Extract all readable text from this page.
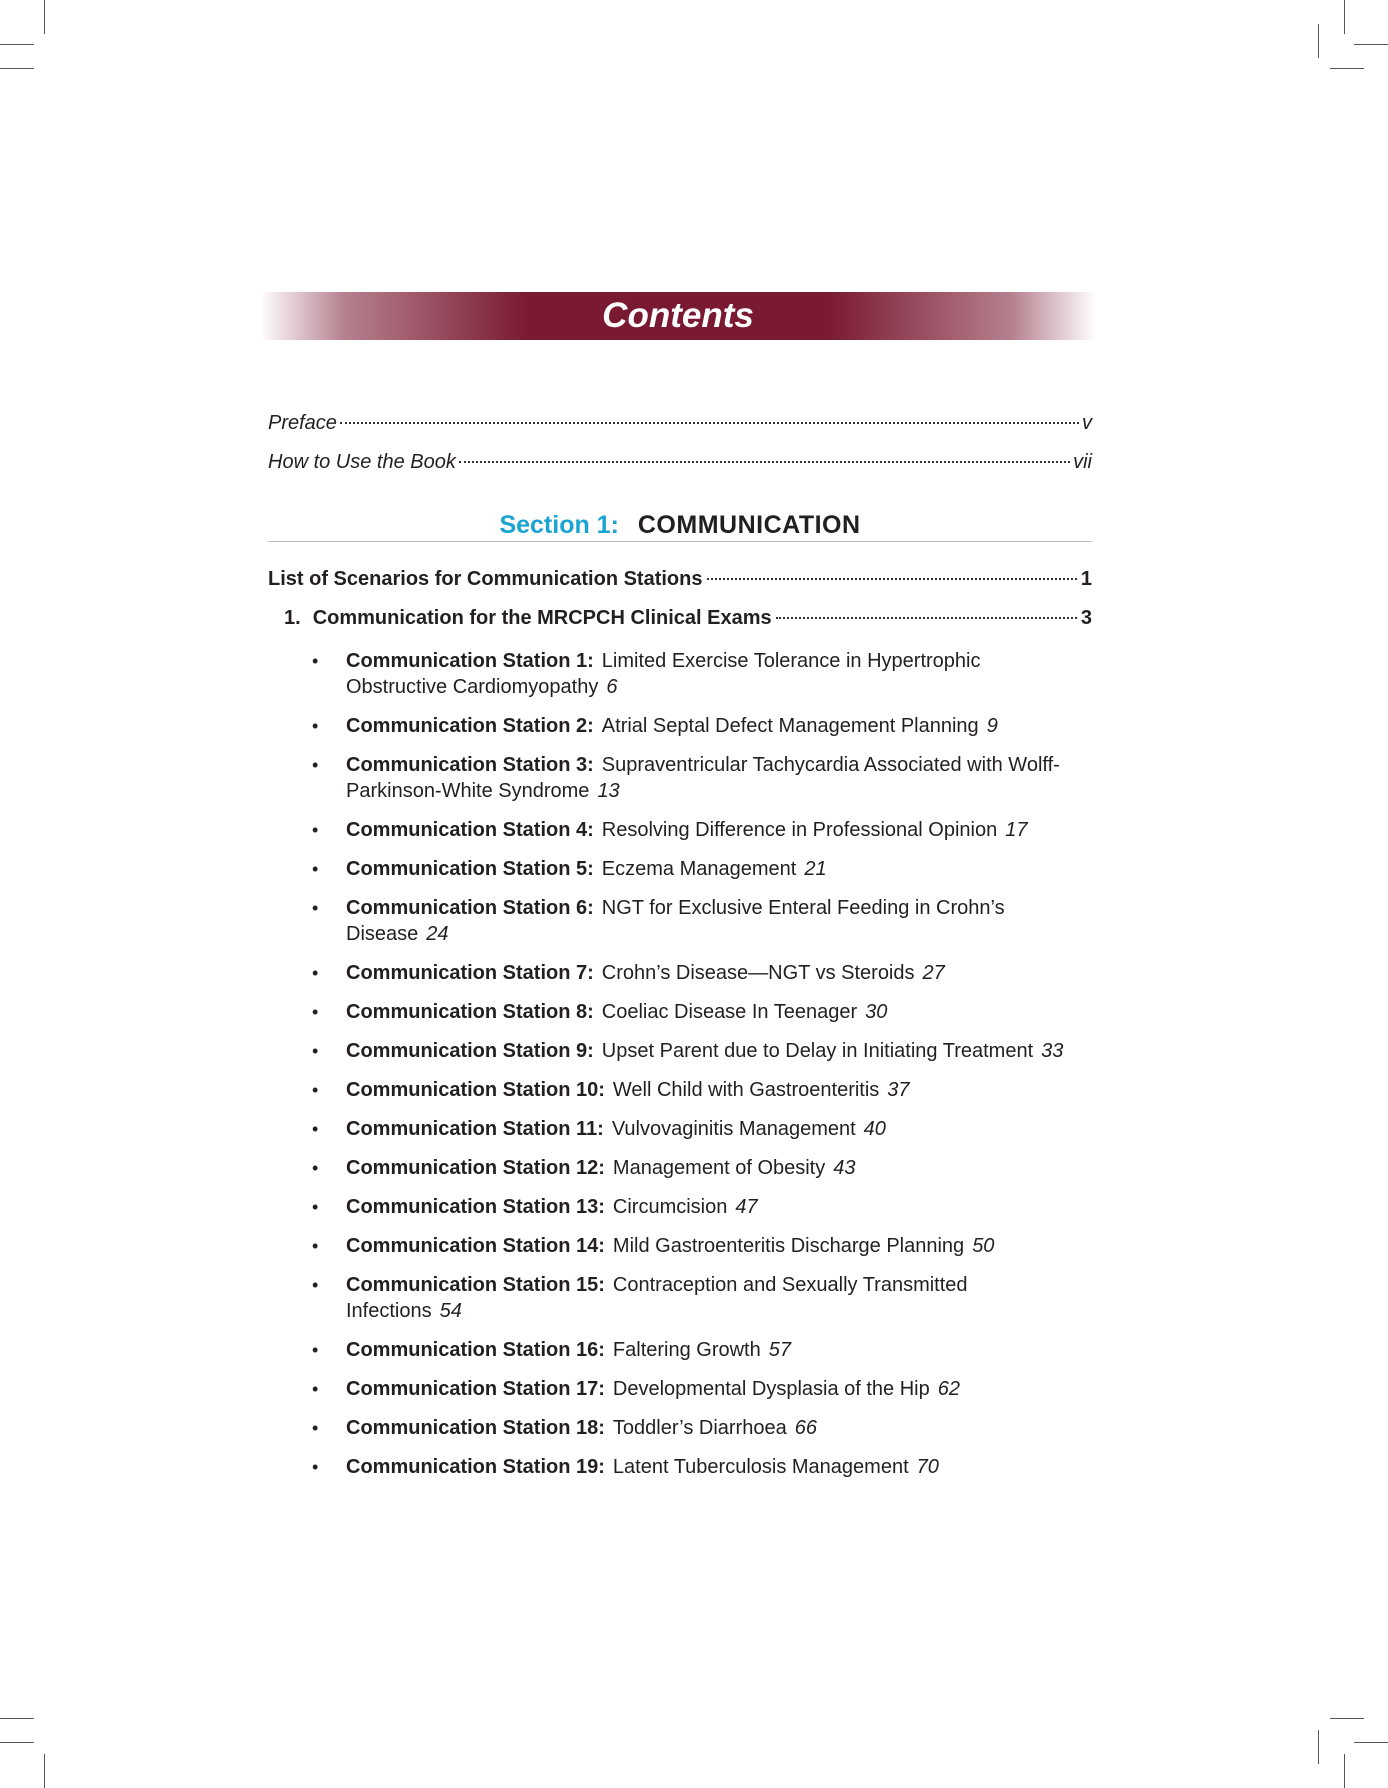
Contents
Preface	v
How to Use the Book	vii
Section 1: COMMUNICATION
List of Scenarios for Communication Stations	1
1. Communication for the MRCPCH Clinical Exams	3
• Communication Station 1: Limited Exercise Tolerance in Hypertrophic Obstructive Cardiomyopathy 6
• Communication Station 2: Atrial Septal Defect Management Planning 9
• Communication Station 3: Supraventricular Tachycardia Associated with Wolff-Parkinson-White Syndrome 13
• Communication Station 4: Resolving Difference in Professional Opinion 17
• Communication Station 5: Eczema Management 21
• Communication Station 6: NGT for Exclusive Enteral Feeding in Crohn’s Disease 24
• Communication Station 7: Crohn’s Disease—NGT vs Steroids 27
• Communication Station 8: Coeliac Disease In Teenager 30
• Communication Station 9: Upset Parent due to Delay in Initiating Treatment 33
• Communication Station 10: Well Child with Gastroenteritis 37
• Communication Station 11: Vulvovaginitis Management 40
• Communication Station 12: Management of Obesity 43
• Communication Station 13: Circumcision 47
• Communication Station 14: Mild Gastroenteritis Discharge Planning 50
• Communication Station 15: Contraception and Sexually Transmitted Infections 54
• Communication Station 16: Faltering Growth 57
• Communication Station 17: Developmental Dysplasia of the Hip 62
• Communication Station 18: Toddler’s Diarrhoea 66
• Communication Station 19: Latent Tuberculosis Management 70
